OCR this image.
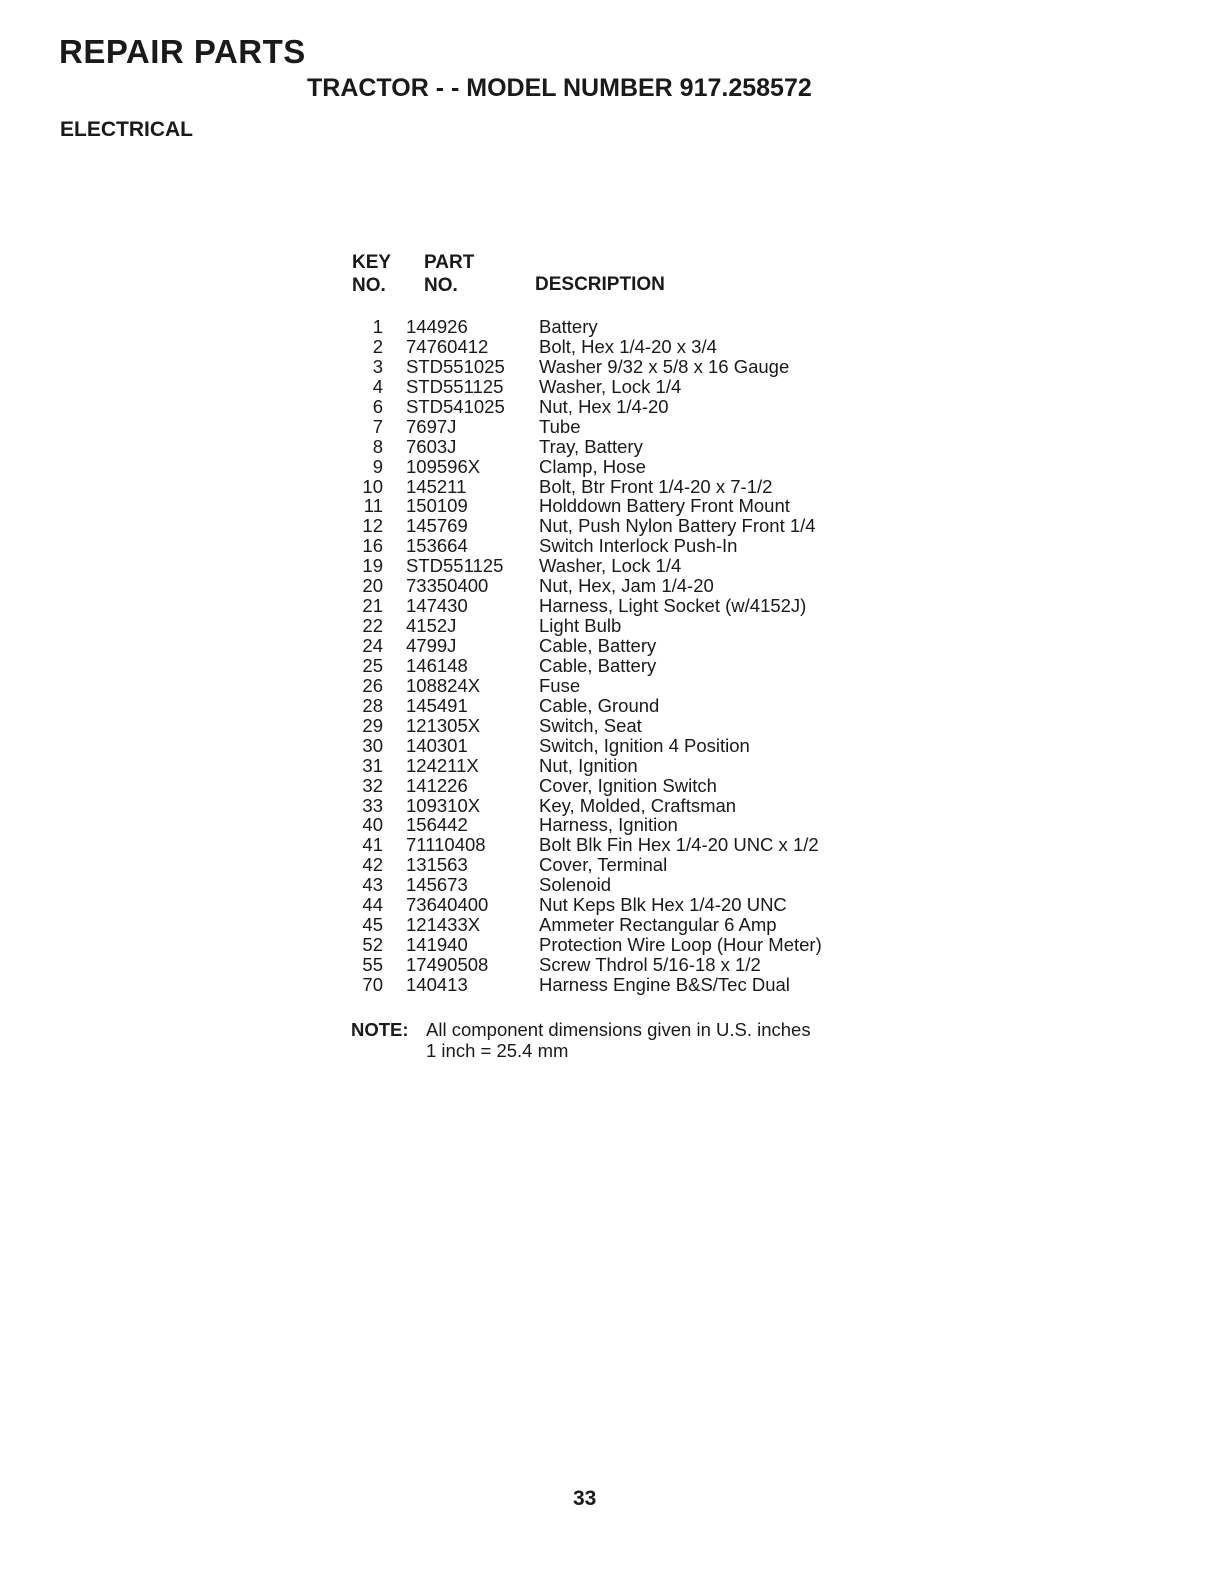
REPAIR PARTS
TRACTOR - - MODEL NUMBER 917.258572
ELECTRICAL
KEY
NO.
PART
NO.	DESCRIPTION
1 144926	Battery
2 74760412	Bolt, Hex 1/4-20 x 3/4
3 STD551025 Washer 9/32 x 5/8 x 16 Gauge
4 STD551125 Washer, Lock 1/4
6 STD541025 Nut, Hex 1/4-20
7 7697J	Tube
8 7603J	Tray, Battery
9 109596X	Clamp, Hose
10 145211	Bolt, Btr Front 1/4-20 x 7-1/2
11 150109	Holddown Battery Front Mount
12 145769	Nut, Push Nylon Battery Front 1/4
16 153664	Switch Interlock Push-In
19 STD551125 Washer, Lock 1/4
20 73350400	Nut, Hex, Jam 1/4-20
21 147430	Harness, Light Socket (w/4152J)
22 4152J	Light Bulb
24 4799J	Cable, Battery
25 146148	Cable, Battery
26 108824X	Fuse
28 145491	Cable, Ground
29 121305X	Switch, Seat
30 140301	Switch, Ignition 4 Position
31 124211X	Nut, Ignition
32 141226	Cover, Ignition Switch
33 109310X	Key, Molded, Craftsman
40 156442	Harness, Ignition
41 71110408	Bolt Blk Fin Hex 1/4-20 UNC x 1/2
42 131563	Cover, Terminal
43 145673	Solenoid
44 73640400	Nut Keps Blk Hex 1/4-20 UNC
45 121433X	Ammeter Rectangular 6 Amp
52 141940	Protection Wire Loop (Hour Meter)
55 17490508	Screw Thdrol 5/16-18 x 1/2
70 140413	Harness Engine B&S/Tec Dual
NOTE: All component dimensions given in U.S. inches
1 inch = 25.4 mm
33
